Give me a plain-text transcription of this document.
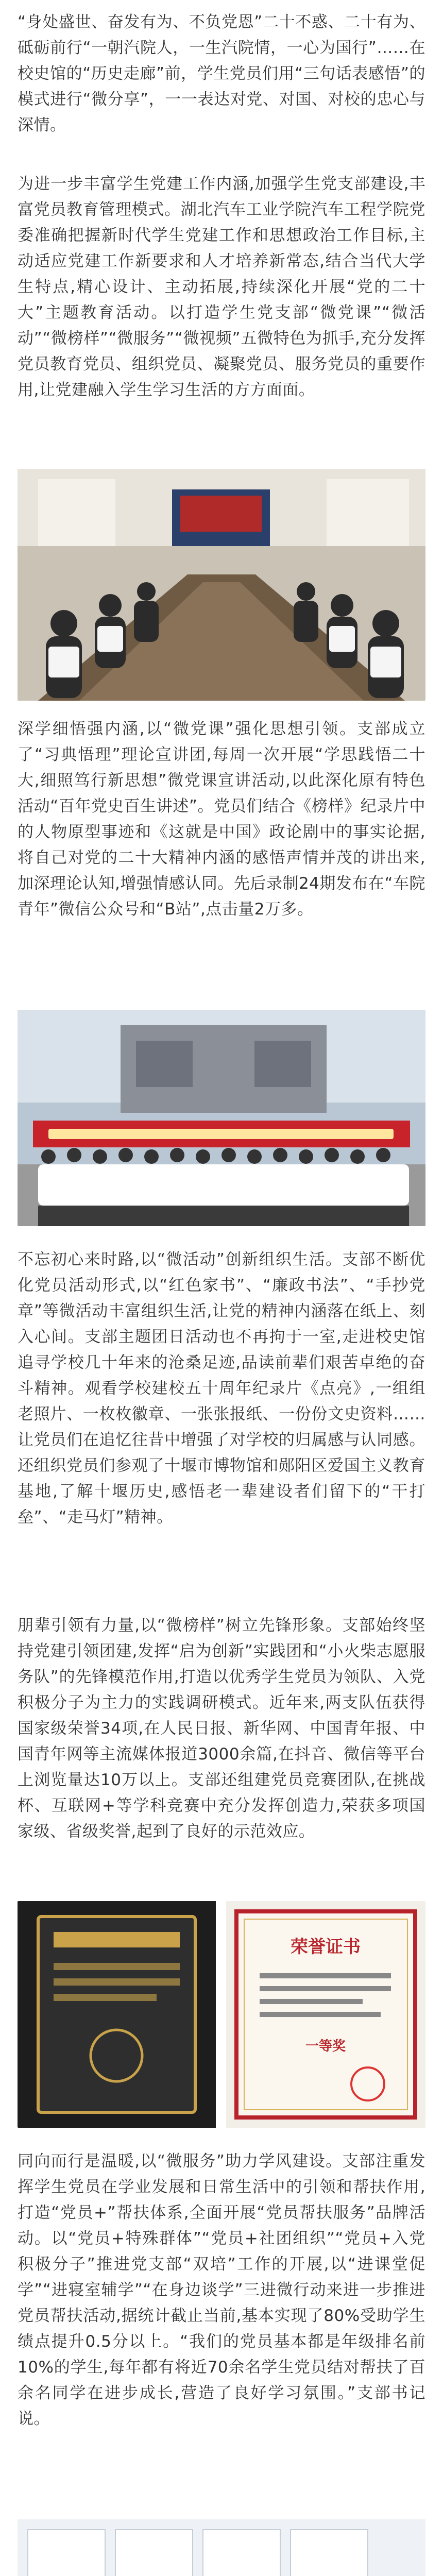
“身处盛世、奋发有为、不负党恩”二十不惑、二十有为、砥砺前行“一朝汽院人，一生汽院情，一心为国行”……在校史馆的“历史走廊”前，学生党员们用“三句话表感悟”的模式进行“微分享”，一一表达对党、对国、对校的忠心与深情。

为进一步丰富学生党建工作内涵,加强学生党支部建设,丰富党员教育管理模式。湖北汽车工业学院汽车工程学院党委准确把握新时代学生党建工作和思想政治工作目标,主动适应党建工作新要求和人才培养新常态,结合当代大学生特点,精心设计、主动拓展,持续深化开展“党的二十大”主题教育活动。以打造学生党支部“微党课”“微活动”“微榜样”“微服务”“微视频”五微特色为抓手,充分发挥党员教育党员、组织党员、凝聚党员、服务党员的重要作用,让党建融入学生学习生活的方方面面。

深学细悟强内涵,以“微党课”强化思想引领。支部成立了“习典悟理”理论宣讲团,每周一次开展“学思践悟二十大,细照笃行新思想”微党课宣讲活动,以此深化原有特色活动“百年党史百生讲述”。党员们结合《榜样》纪录片中的人物原型事迹和《这就是中国》政论剧中的事实论据,将自己对党的二十大精神内涵的感悟声情并茂的讲出来,加深理论认知,增强情感认同。先后录制24期发布在“车院青年”微信公众号和“B站”,点击量2万多。

不忘初心来时路,以“微活动”创新组织生活。支部不断优化党员活动形式,以“红色家书”、“廉政书法”、“手抄党章”等微活动丰富组织生活,让党的精神内涵落在纸上、刻入心间。支部主题团日活动也不再拘于一室,走进校史馆追寻学校几十年来的沧桑足迹,品读前辈们艰苦卓绝的奋斗精神。观看学校建校五十周年纪录片《点亮》,一组组老照片、一枚枚徽章、一张张报纸、一份份文史资料……让党员们在追忆往昔中增强了对学校的归属感与认同感。还组织党员们参观了十堰市博物馆和郧阳区爱国主义教育基地,了解十堰历史,感悟老一辈建设者们留下的“干打垒”、“走马灯”精神。

朋辈引领有力量,以“微榜样”树立先锋形象。支部始终坚持党建引领团建,发挥“启为创新”实践团和“小火柴志愿服务队”的先锋模范作用,打造以优秀学生党员为领队、入党积极分子为主力的实践调研模式。近年来,两支队伍获得国家级荣誉34项,在人民日报、新华网、中国青年报、中国青年网等主流媒体报道3000余篇,在抖音、微信等平台上浏览量达10万以上。支部还组建党员竞赛团队,在挑战杯、互联网+等学科竞赛中充分发挥创造力,荣获多项国家级、省级奖誉,起到了良好的示范效应。

荣誉证书
一等奖

同向而行是温暖,以“微服务”助力学风建设。支部注重发挥学生党员在学业发展和日常生活中的引领和帮扶作用,打造“党员+”帮扶体系,全面开展“党员帮扶服务”品牌活动。以“党员+特殊群体”“党员+社团组织”“党员+入党积极分子”推进党支部“双培”工作的开展,以“进课堂促学”“进寝室辅学”“在身边谈学”三进微行动来进一步推进党员帮扶活动,据统计截止当前,基本实现了80%受助学生绩点提升0.5分以上。“我们的党员基本都是年级排名前10%的学生,每年都有将近70余名学生党员结对帮扶了百余名同学在进步成长,营造了良好学习氛围。”支部书记说。
